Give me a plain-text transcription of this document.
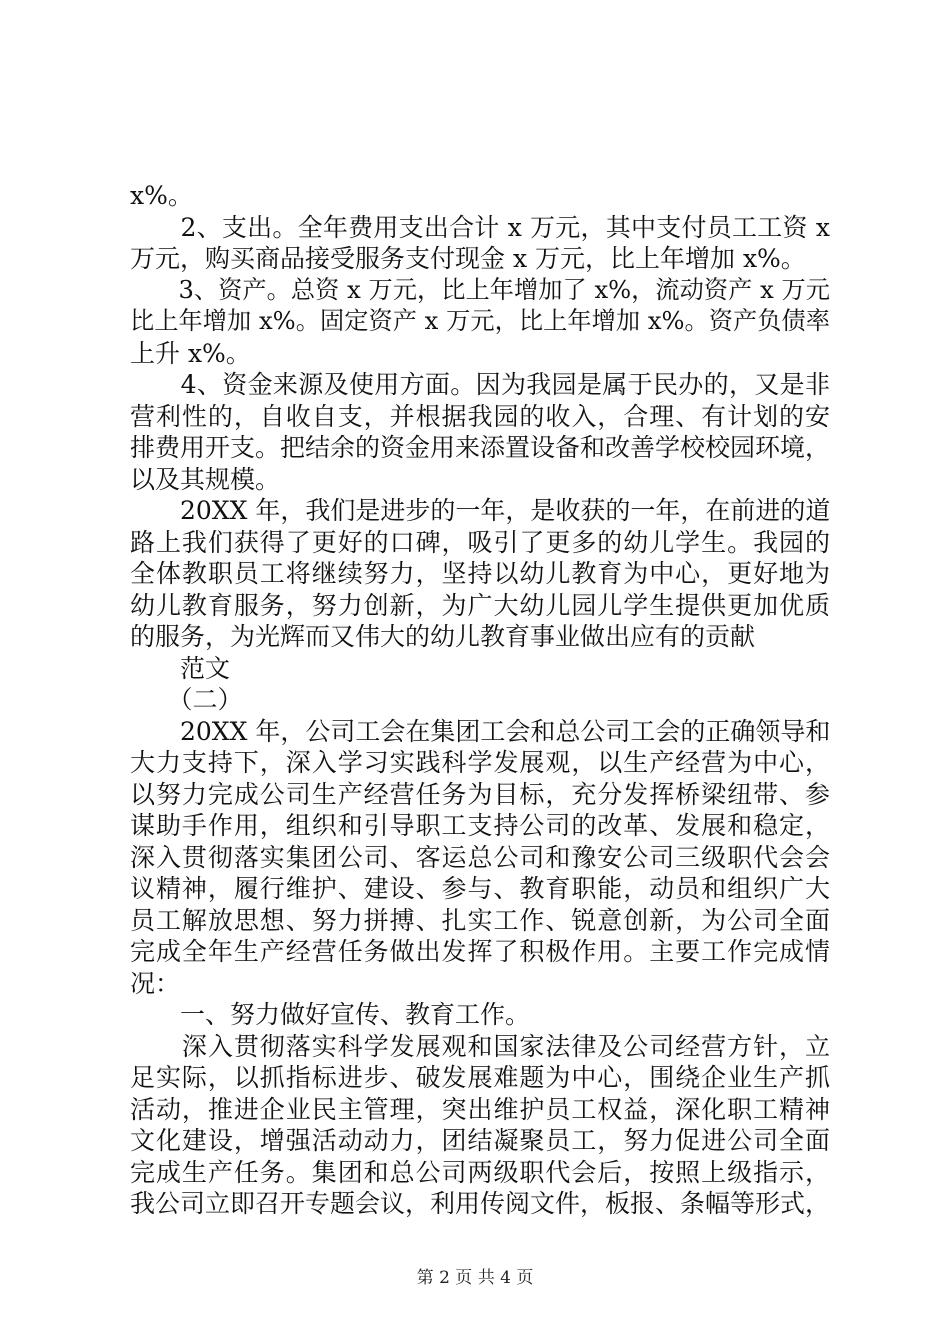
x%。
　　2、支出。全年费用支出合计 x 万元，其中支付员工工资 x
万元，购买商品接受服务支付现金 x 万元，比上年增加 x%。
　　3、资产。总资 x 万元，比上年增加了 x%，流动资产 x 万元
比上年增加 x%。固定资产 x 万元，比上年增加 x%。资产负债率
上升 x%。
　　4、资金来源及使用方面。因为我园是属于民办的，又是非
营利性的，自收自支，并根据我园的收入，合理、有计划的安
排费用开支。把结余的资金用来添置设备和改善学校校园环境，
以及其规模。
　　20XX 年，我们是进步的一年，是收获的一年，在前进的道
路上我们获得了更好的口碑，吸引了更多的幼儿学生。我园的
全体教职员工将继续努力，坚持以幼儿教育为中心，更好地为
幼儿教育服务，努力创新，为广大幼儿园儿学生提供更加优质
的服务，为光辉而又伟大的幼儿教育事业做出应有的贡献
　　范文
　　（二）
　　20XX 年，公司工会在集团工会和总公司工会的正确领导和
大力支持下，深入学习实践科学发展观，以生产经营为中心，
以努力完成公司生产经营任务为目标，充分发挥桥梁纽带、参
谋助手作用，组织和引导职工支持公司的改革、发展和稳定，
深入贯彻落实集团公司、客运总公司和豫安公司三级职代会会
议精神，履行维护、建设、参与、教育职能，动员和组织广大
员工解放思想、努力拼搏、扎实工作、锐意创新，为公司全面
完成全年生产经营任务做出发挥了积极作用。主要工作完成情
况：
　　一、努力做好宣传、教育工作。
　　深入贯彻落实科学发展观和国家法律及公司经营方针，立
足实际，以抓指标进步、破发展难题为中心，围绕企业生产抓
活动，推进企业民主管理，突出维护员工权益，深化职工精神
文化建设，增强活动动力，团结凝聚员工，努力促进公司全面
完成生产任务。集团和总公司两级职代会后，按照上级指示，
我公司立即召开专题会议，利用传阅文件，板报、条幅等形式，
第 2 页 共 4 页
